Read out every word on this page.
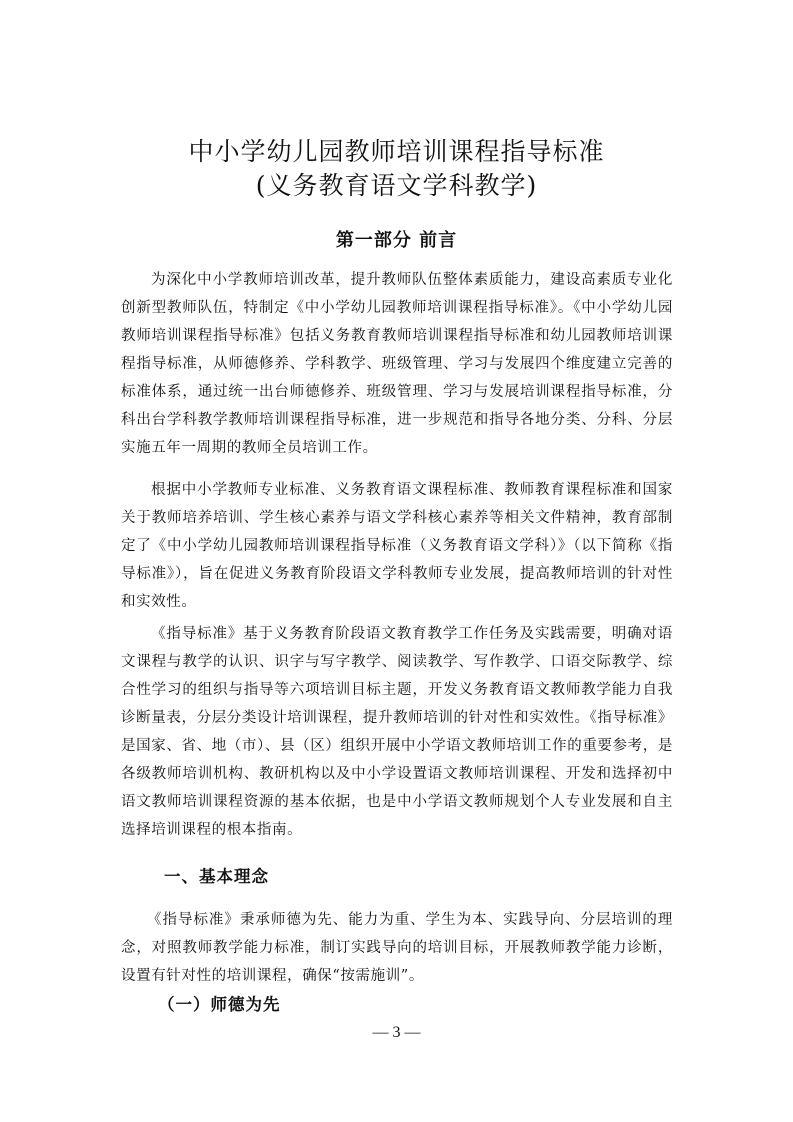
中小学幼儿园教师培训课程指导标准
(义务教育语文学科教学)
第一部分 前言

为深化中小学教师培训改革，提升教师队伍整体素质能力，建设高素质专业化创新型教师队伍，特制定《中小学幼儿园教师培训课程指导标准》。《中小学幼儿园教师培训课程指导标准》包括义务教育教师培训课程指导标准和幼儿园教师培训课程指导标准，从师德修养、学科教学、班级管理、学习与发展四个维度建立完善的标准体系，通过统一出台师德修养、班级管理、学习与发展培训课程指导标准，分科出台学科教学教师培训课程指导标准，进一步规范和指导各地分类、分科、分层实施五年一周期的教师全员培训工作。

根据中小学教师专业标准、义务教育语文课程标准、教师教育课程标准和国家关于教师培养培训、学生核心素养与语文学科核心素养等相关文件精神，教育部制定了《中小学幼儿园教师培训课程指导标准（义务教育语文学科）》（以下简称《指导标准》），旨在促进义务教育阶段语文学科教师专业发展，提高教师培训的针对性和实效性。

《指导标准》基于义务教育阶段语文教育教学工作任务及实践需要，明确对语文课程与教学的认识、识字与写字教学、阅读教学、写作教学、口语交际教学、综合性学习的组织与指导等六项培训目标主题，开发义务教育语文教师教学能力自我诊断量表，分层分类设计培训课程，提升教师培训的针对性和实效性。《指导标准》是国家、省、地（市）、县（区）组织开展中小学语文教师培训工作的重要参考，是各级教师培训机构、教研机构以及中小学设置语文教师培训课程、开发和选择初中语文教师培训课程资源的基本依据，也是中小学语文教师规划个人专业发展和自主选择培训课程的根本指南。

一、基本理念

《指导标准》秉承师德为先、能力为重、学生为本、实践导向、分层培训的理念，对照教师教学能力标准，制订实践导向的培训目标，开展教师教学能力诊断，设置有针对性的培训课程，确保“按需施训”。

（一）师德为先
— 3 —
